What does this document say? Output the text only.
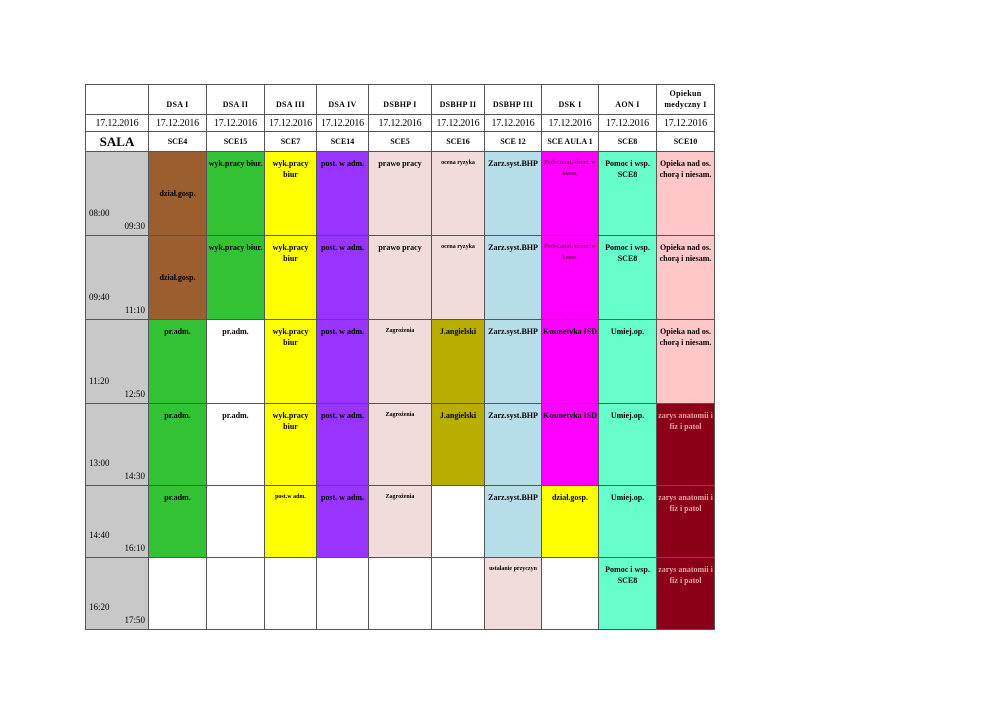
	DSA I	DSA II	DSA III	DSA IV	DSBHP I	DSBHP II	DSBHP III	DSK I	AON I	Opiekun medyczny I
17.12.2016	17.12.2016	17.12.2016	17.12.2016	17.12.2016	17.12.2016	17.12.2016	17.12.2016	17.12.2016	17.12.2016	17.12.2016
SALA	SCE4	SCE15	SCE7	SCE14	SCE5	SCE16	SCE 12	SCE AULA 1	SCE8	SCE10

08:00
09:30	dział.gosp.	wyk.pracy biur.	wyk.pracy biur	post. w adm.	prawo pracy	ocena ryzyka	Zarz.syst.BHP	Podst.anat.-derm. w kosm.	Pomoc i wsp. SCE8	Opieka nad os. chorą i niesam.

09:40
11:10	dział.gosp.	wyk.pracy biur.	wyk.pracy biur	post. w adm.	prawo pracy	ocena ryzyka	Zarz.syst.BHP	Podst.anat.-derm. w kosm.	Pomoc i wsp. SCE8	Opieka nad os. chorą i niesam.

11:20
12:50	pr.adm.	pr.adm.	wyk.pracy biur	post. w adm.	Zagrożenia	J.angielski	Zarz.syst.BHP	Kosmetyka ISD	Umiej.op.	Opieka nad os. chorą i niesam.

13:00
14:30	pr.adm.	pr.adm.	wyk.pracy biur	post. w adm.	Zagrożenia	J.angielski	Zarz.syst.BHP	Kosmetyka ISD	Umiej.op.	zarys anatomii i fiz i patol

14:40
16:10	pr.adm.		post.w adm.	post. w adm.	Zagrożenia		Zarz.syst.BHP	dział.gosp.	Umiej.op.	zarys anatomii i fiz i patol

16:20
17:50							ustalanie przyczyn		Pomoc i wsp. SCE8	zarys anatomii i fiz i patol
